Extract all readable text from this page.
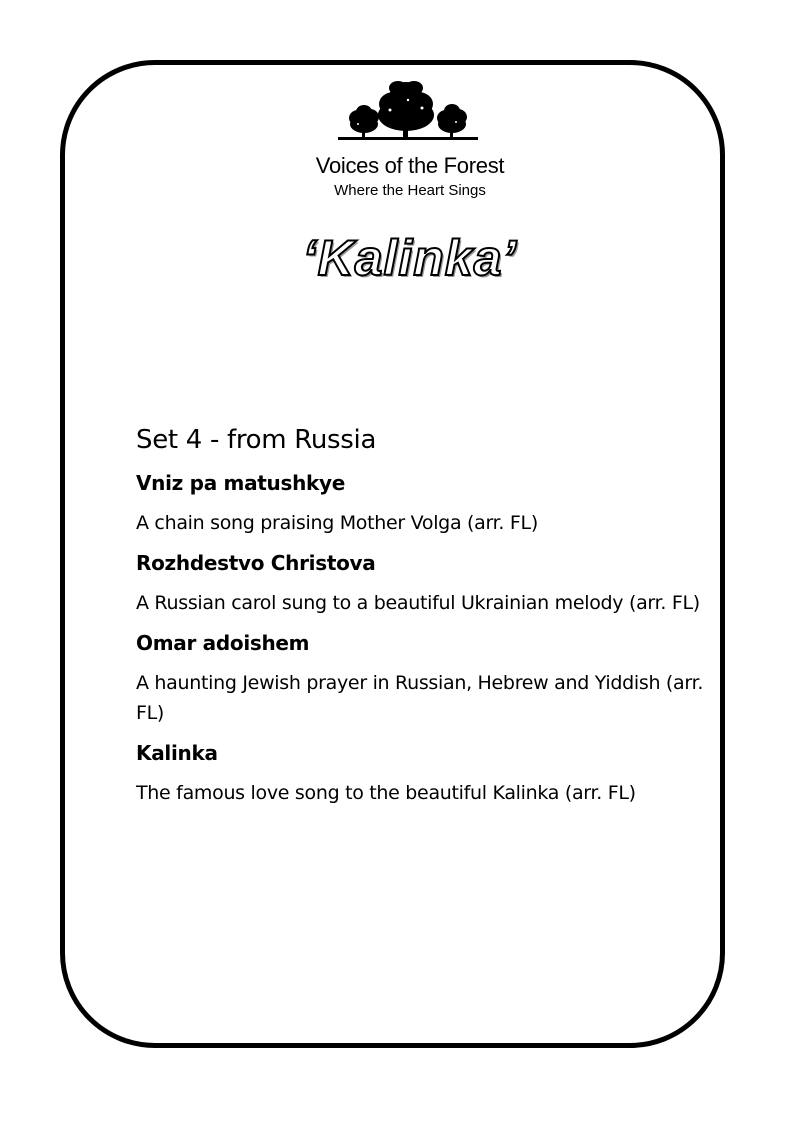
Voices of the Forest
Where the Heart Sings
‘Kalinka’
Set 4 - from Russia
Vniz pa matushkye
A chain song praising Mother Volga (arr. FL)
Rozhdestvo Christova
A Russian carol sung to a beautiful Ukrainian melody (arr. FL)
Omar adoishem
A haunting Jewish prayer in Russian, Hebrew and Yiddish (arr. FL)
Kalinka
The famous love song to the beautiful Kalinka (arr. FL)
